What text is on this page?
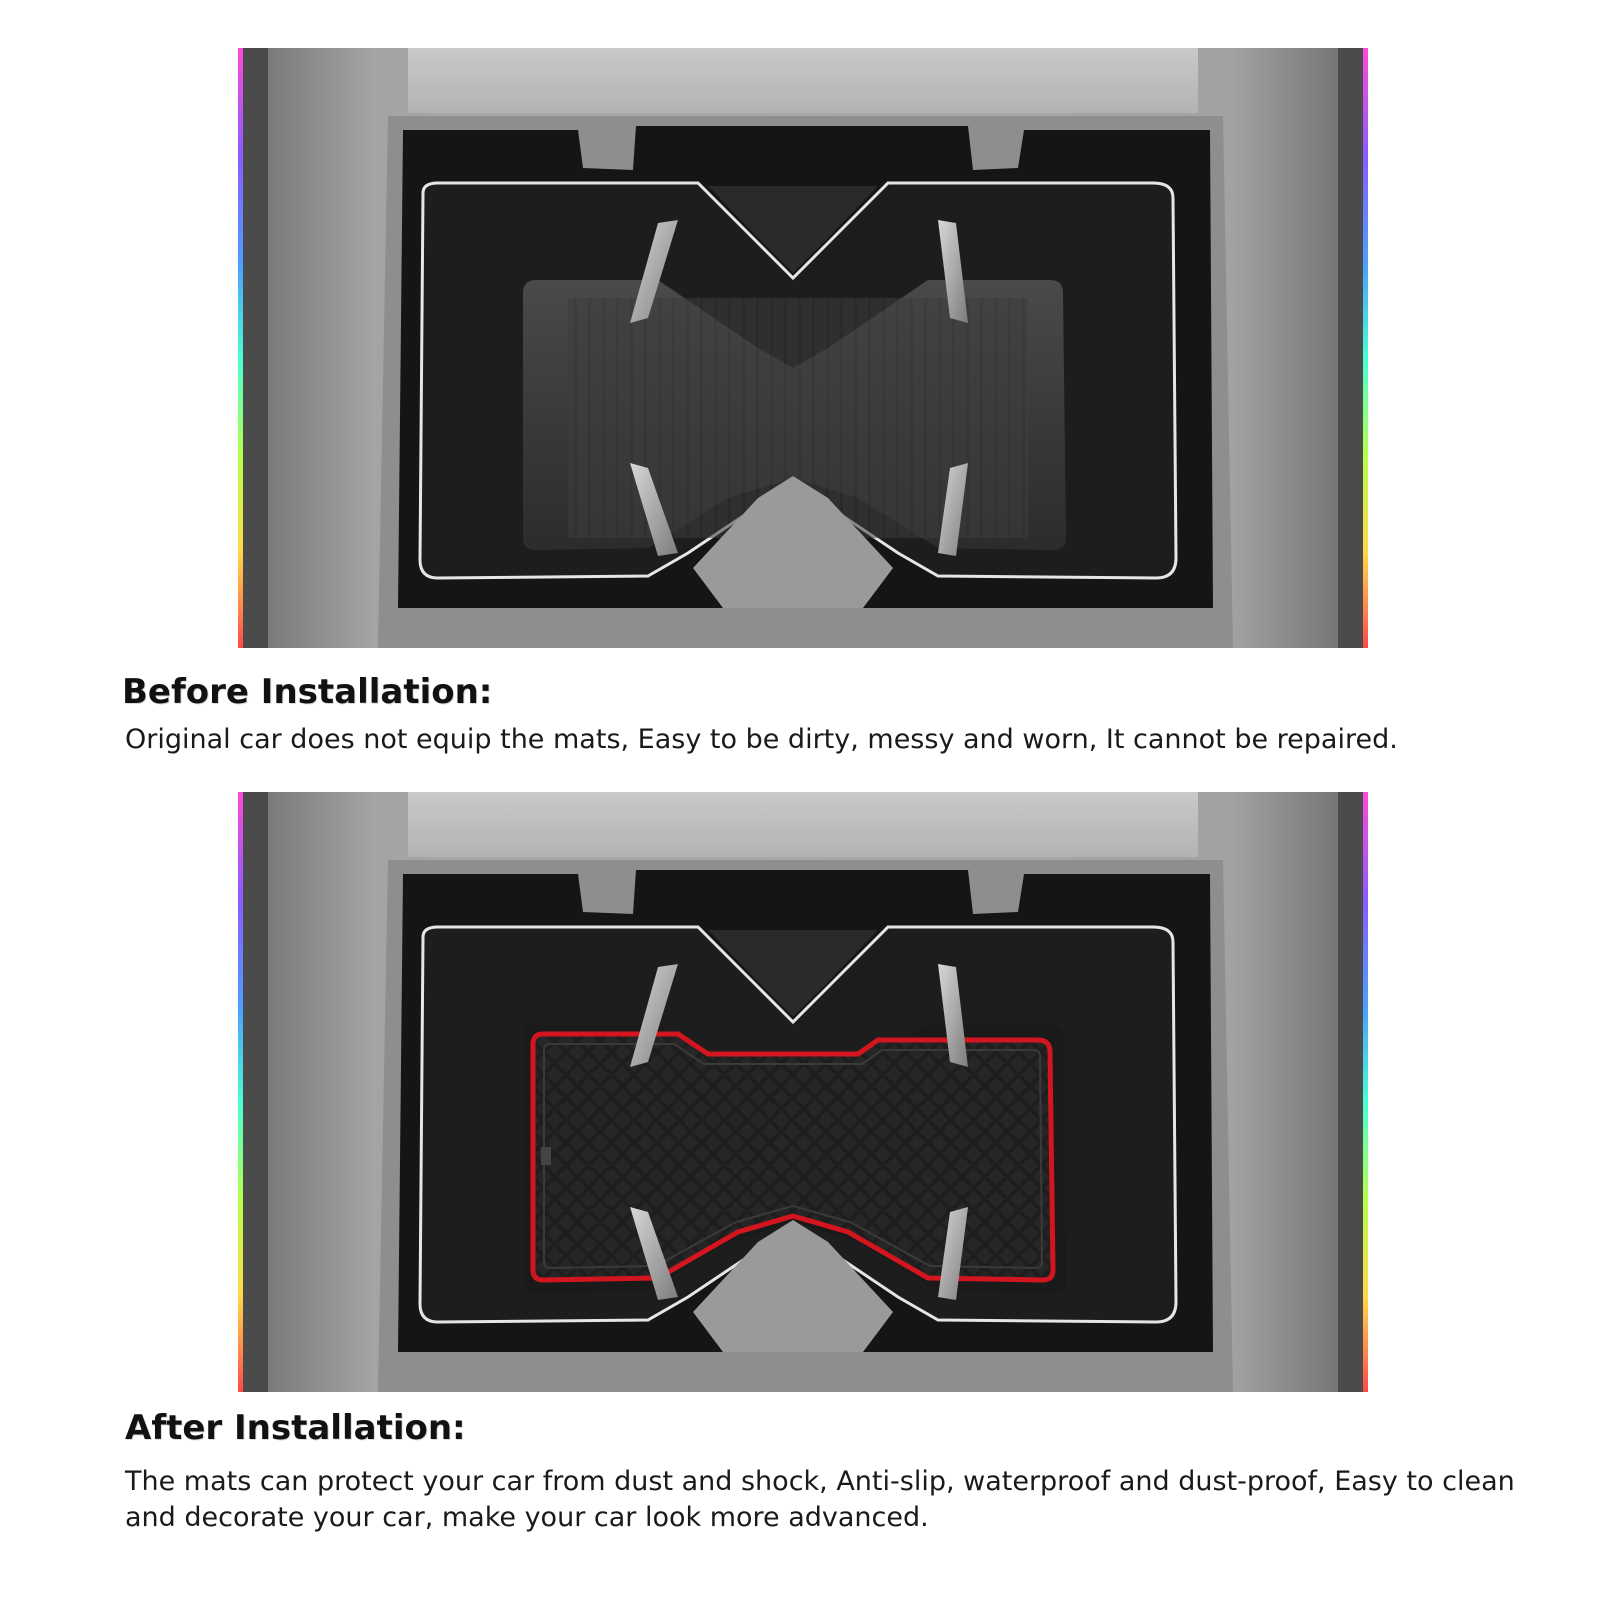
Before Installation:
Original car does not equip the mats, Easy to be dirty, messy and worn, It cannot be repaired.
After Installation:
The mats can protect your car from dust and shock, Anti-slip, waterproof and dust-proof, Easy to clean and decorate your car, make your car look more advanced.
